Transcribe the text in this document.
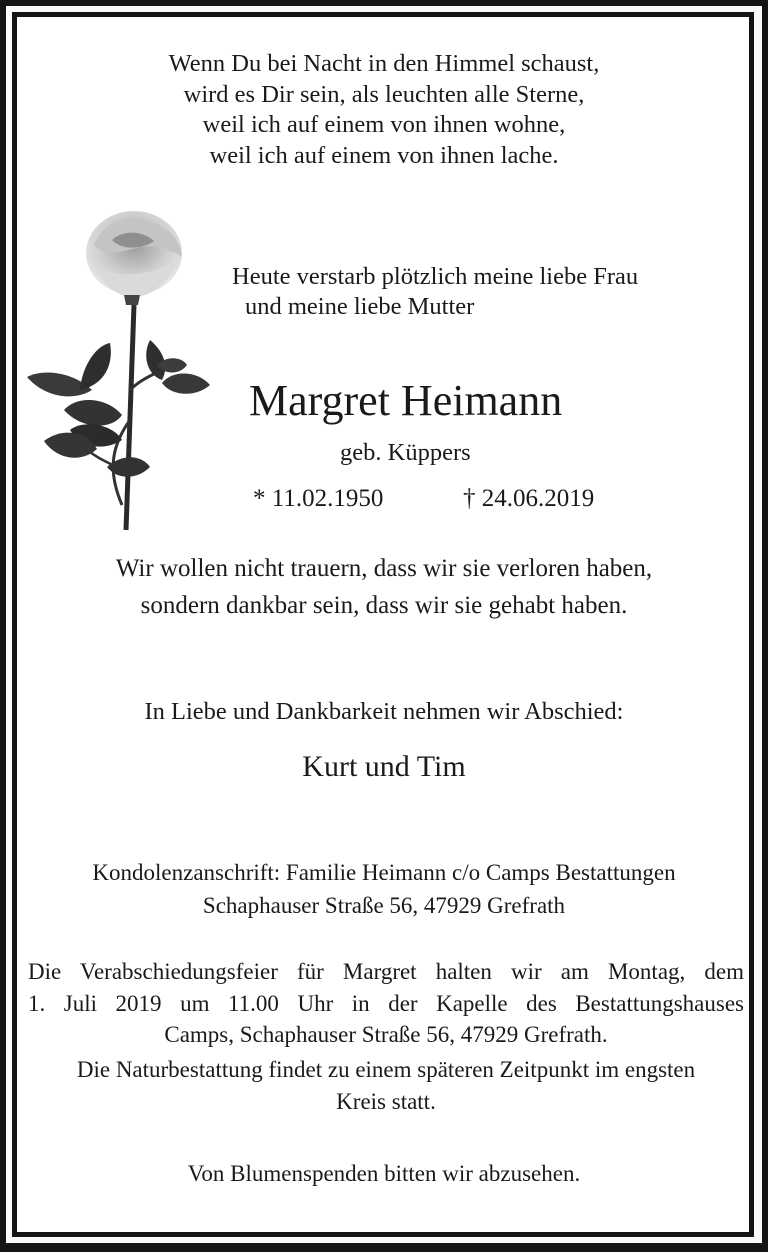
Wenn Du bei Nacht in den Himmel schaust,
wird es Dir sein, als leuchten alle Sterne,
weil ich auf einem von ihnen wohne,
weil ich auf einem von ihnen lache.
Heute verstarb plötzlich meine liebe Frau
und meine liebe Mutter
Margret Heimann
geb. Küppers
* 11.02.1950	† 24.06.2019
Wir wollen nicht trauern, dass wir sie verloren haben,
sondern dankbar sein, dass wir sie gehabt haben.
In Liebe und Dankbarkeit nehmen wir Abschied:
Kurt und Tim
Kondolenzanschrift: Familie Heimann c/o Camps Bestattungen
Schaphauser Straße 56, 47929 Grefrath
Die Verabschiedungsfeier für Margret halten wir am Montag, dem
1. Juli 2019 um 11.00 Uhr in der Kapelle des Bestattungshauses
Camps, Schaphauser Straße 56, 47929 Grefrath.
Die Naturbestattung findet zu einem späteren Zeitpunkt im engsten
Kreis statt.
Von Blumenspenden bitten wir abzusehen.
